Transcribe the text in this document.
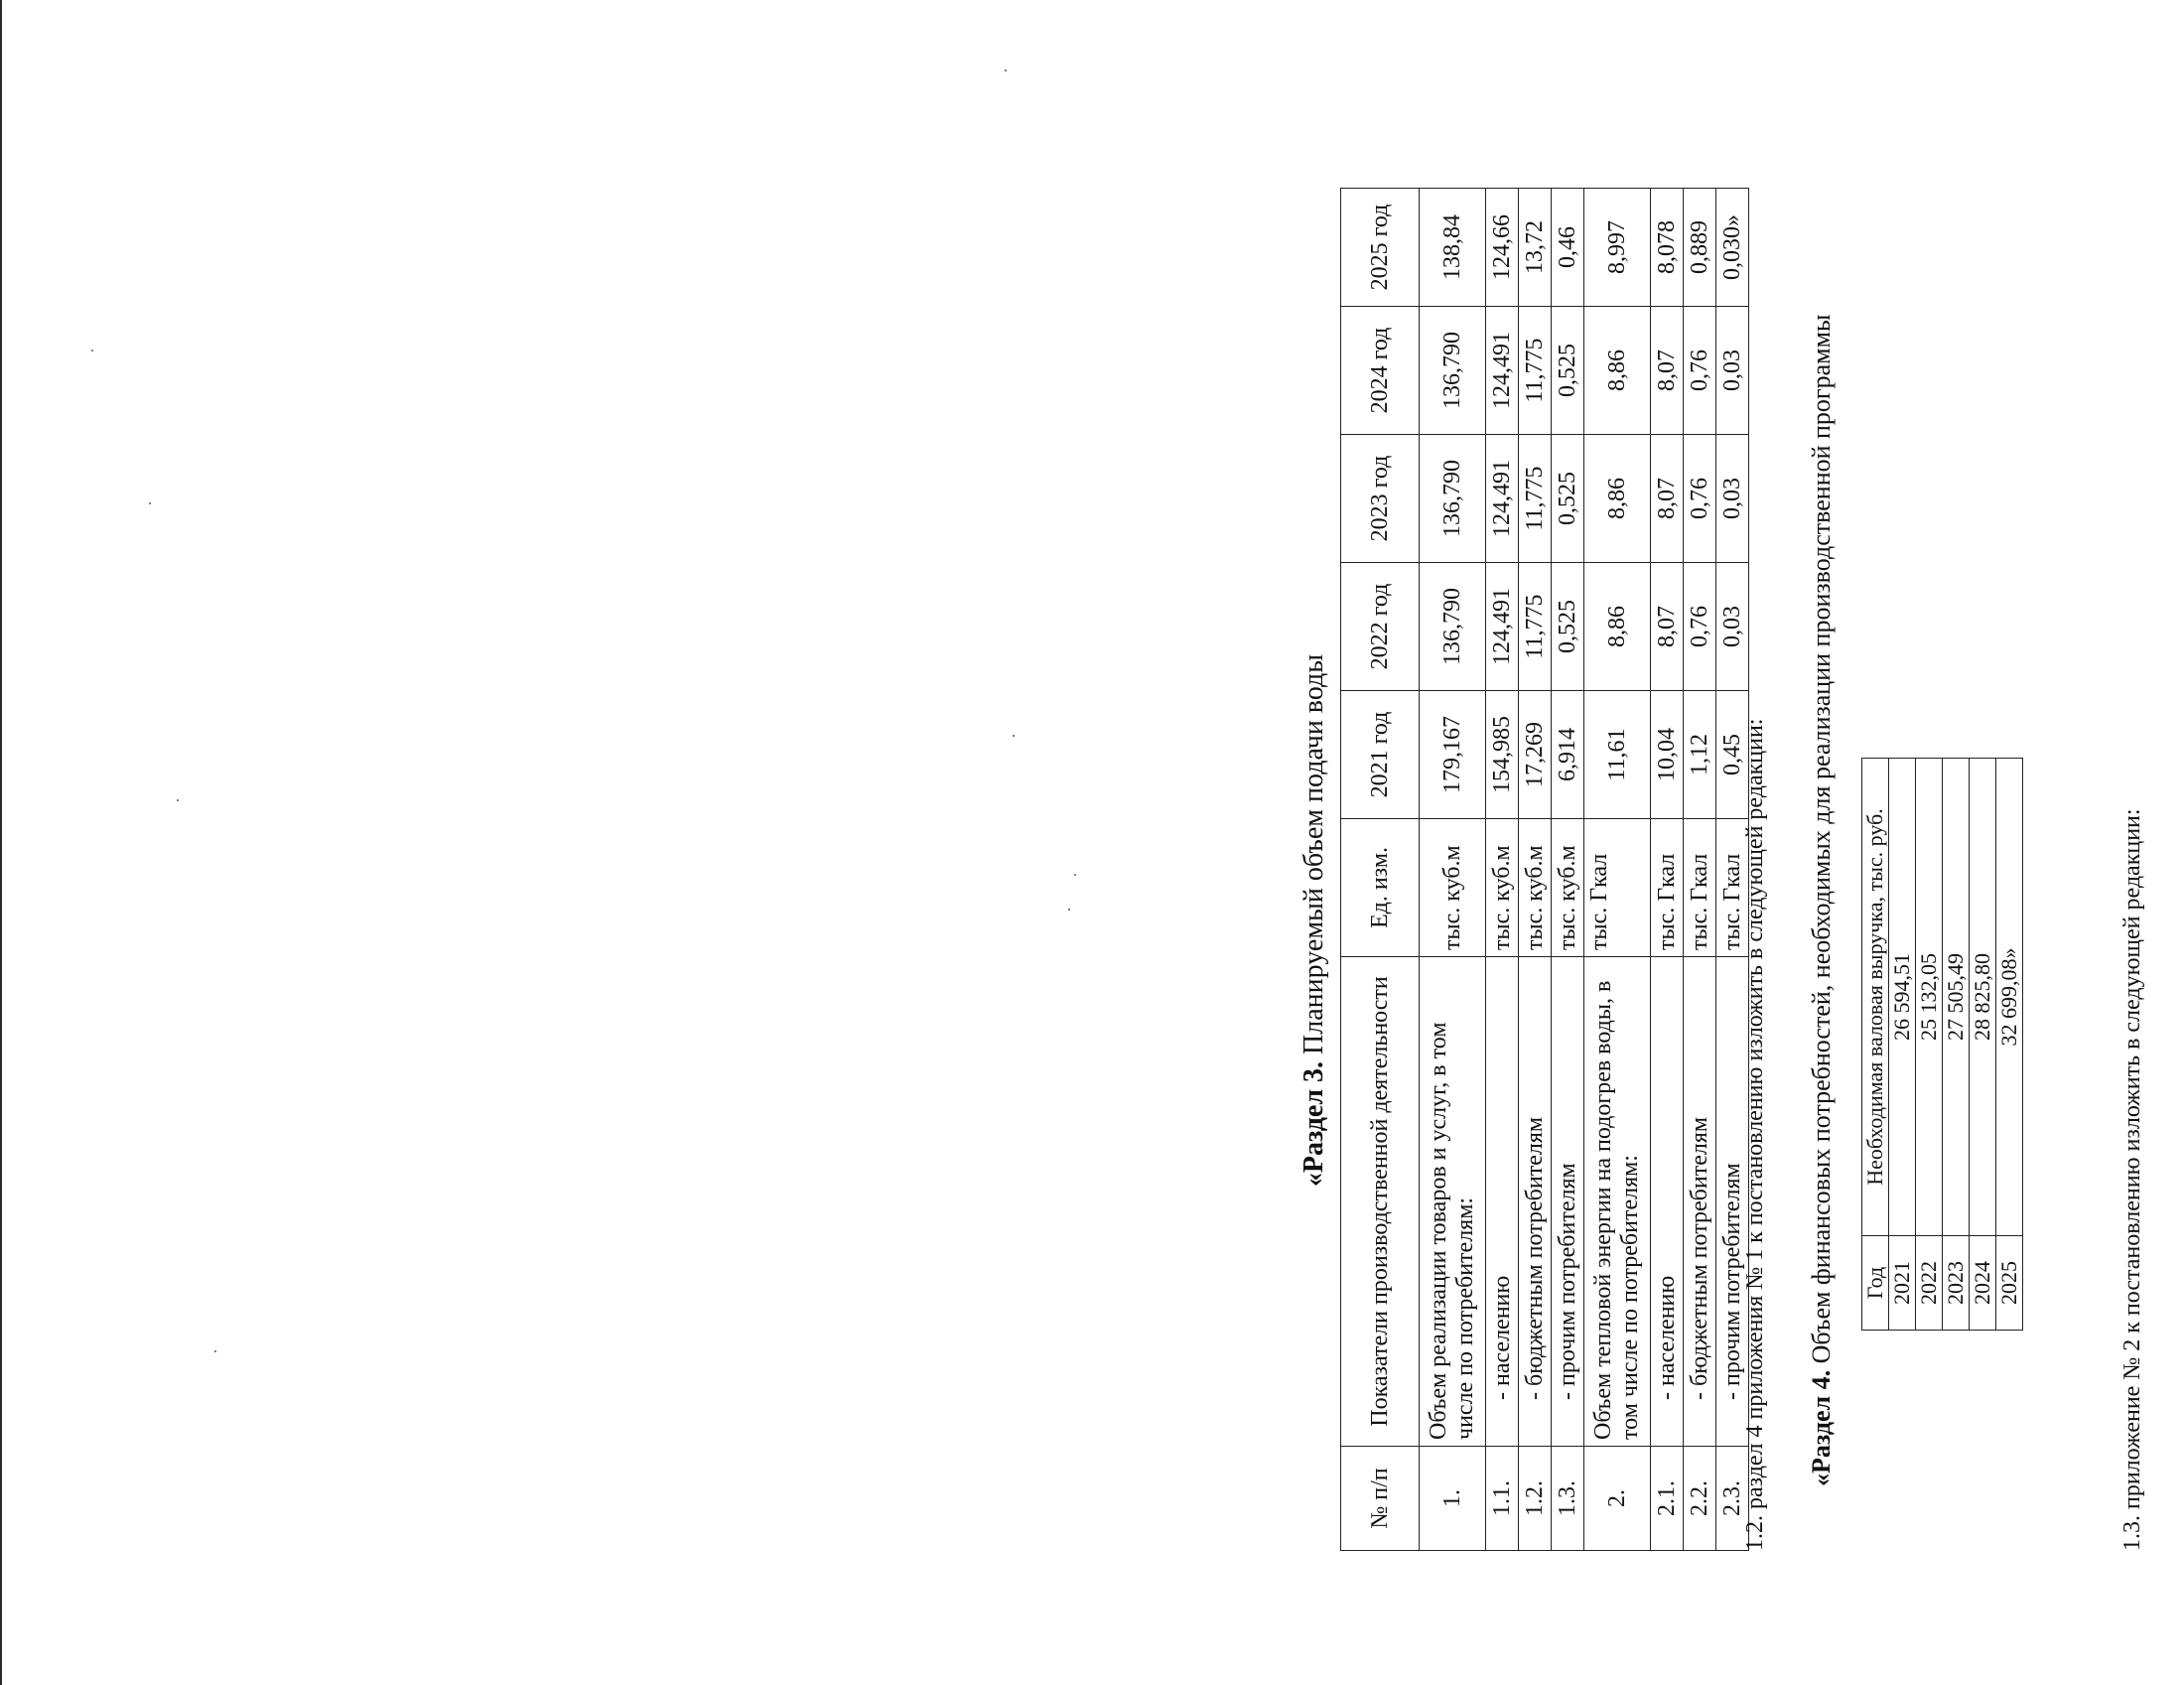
«Раздел 3. Планируемый объем подачи воды
№ п/п	Показатели производственной деятельности	Ед. изм.	2021 год	2022 год	2023 год	2024 год	2025 год
1.	Объем реализации товаров и услуг, в том числе по потребителям:	тыс. куб.м	179,167	136,790	136,790	136,790	138,84
1.1.	- населению	тыс. куб.м	154,985	124,491	124,491	124,491	124,66
1.2.	- бюджетным потребителям	тыс. куб.м	17,269	11,775	11,775	11,775	13,72
1.3.	- прочим потребителям	тыс. куб.м	6,914	0,525	0,525	0,525	0,46
2.	Объем тепловой энергии на подогрев воды, в том числе по потребителям:	тыс. Гкал	11,61	8,86	8,86	8,86	8,997
2.1.	- населению	тыс. Гкал	10,04	8,07	8,07	8,07	8,078
2.2.	- бюджетным потребителям	тыс. Гкал	1,12	0,76	0,76	0,76	0,889
2.3.	- прочим потребителям	тыс. Гкал	0,45	0,03	0,03	0,03	0,030»
1.2. раздел 4 приложения № 1 к постановлению изложить в следующей редакции: «Раздел 4. Объем финансовых потребностей, необходимых для реализации производственной программы Год	Необходимая валовая выручка, тыс. руб.
2021	26 594,51
2022	25 132,05
2023	27 505,49
2024	28 825,80
2025	32 699,08»	1.3. приложение № 2 к постановлению изложить в следующей редакции:
